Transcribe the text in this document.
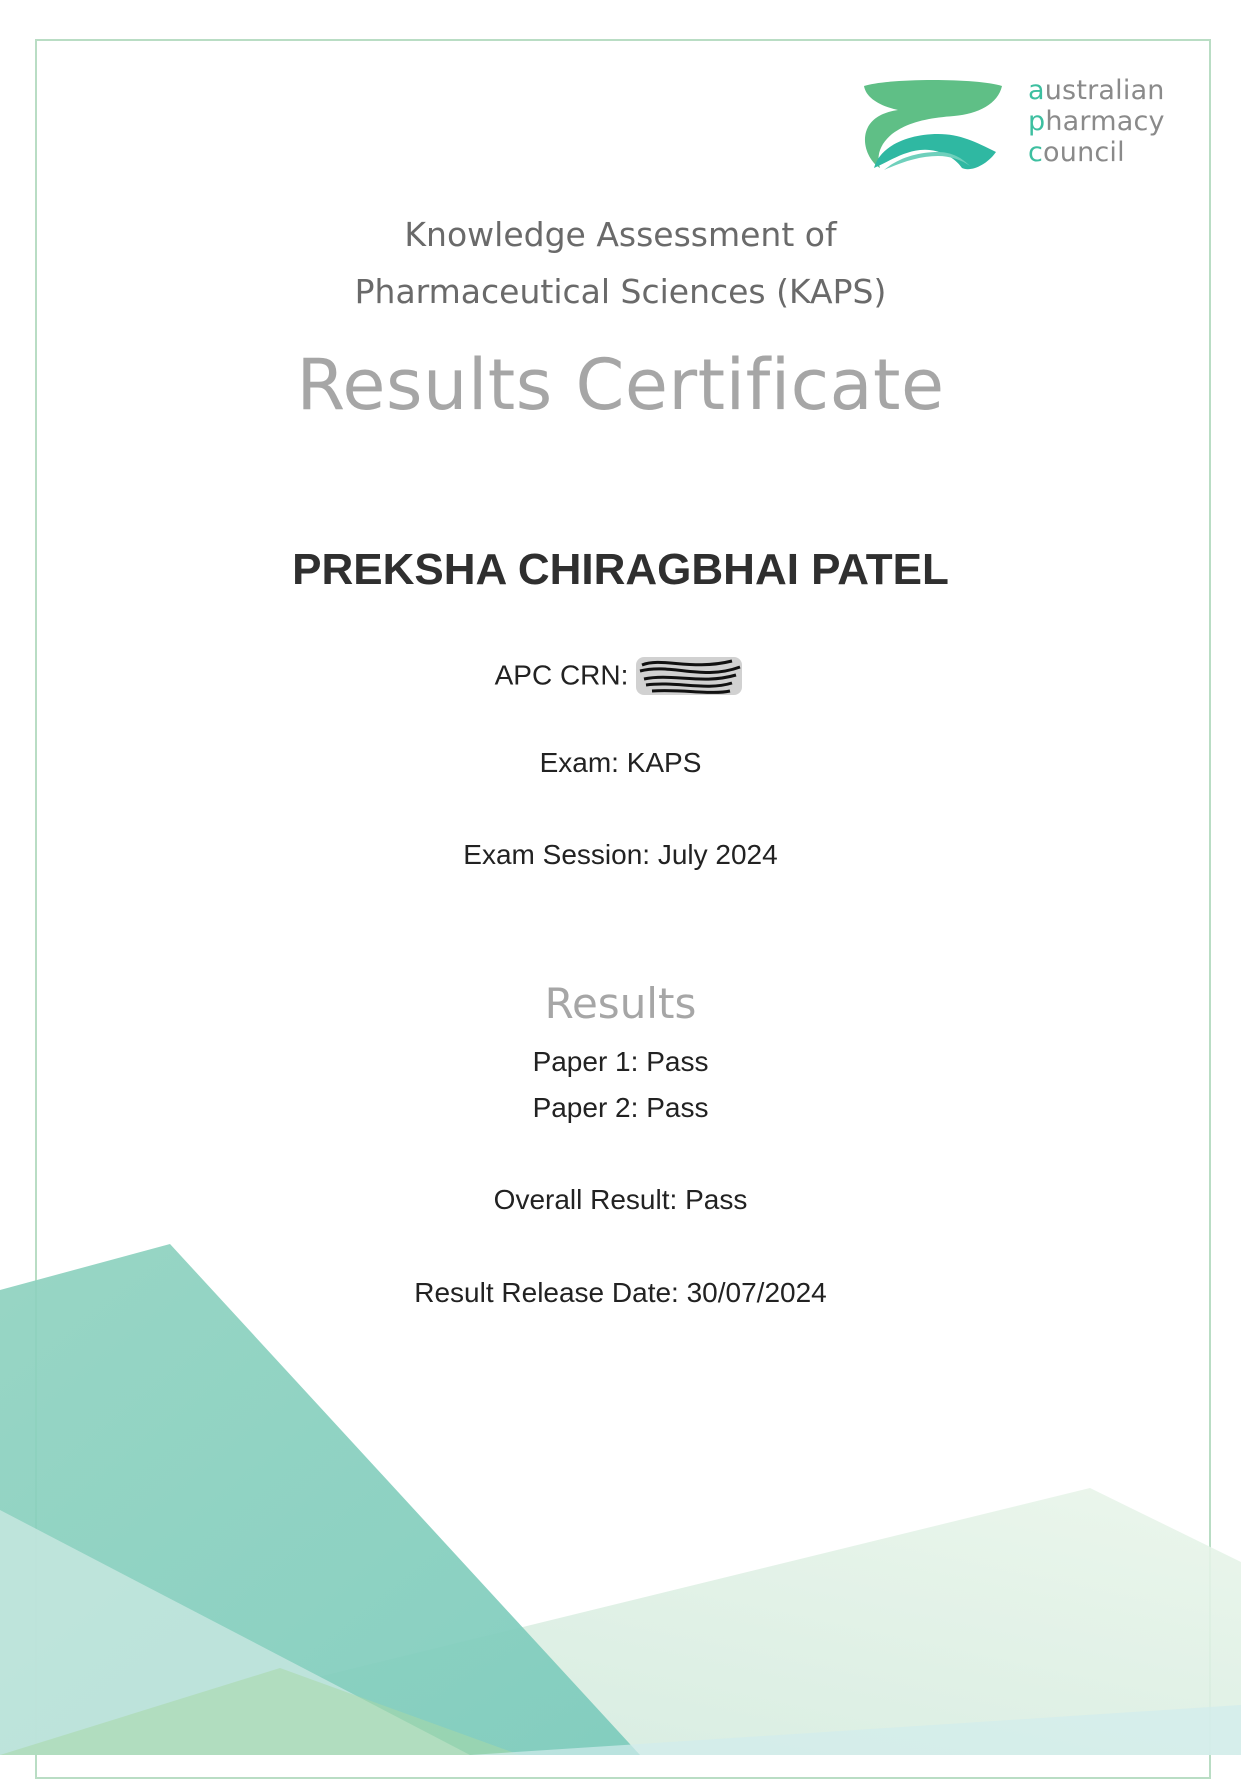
australian
pharmacy
council
Knowledge Assessment of
Pharmaceutical Sciences (KAPS)
Results Certificate
PREKSHA CHIRAGBHAI PATEL
APC CRN:
Exam: KAPS
Exam Session: July 2024
Results
Paper 1: Pass
Paper 2: Pass
Overall Result: Pass
Result Release Date: 30/07/2024
